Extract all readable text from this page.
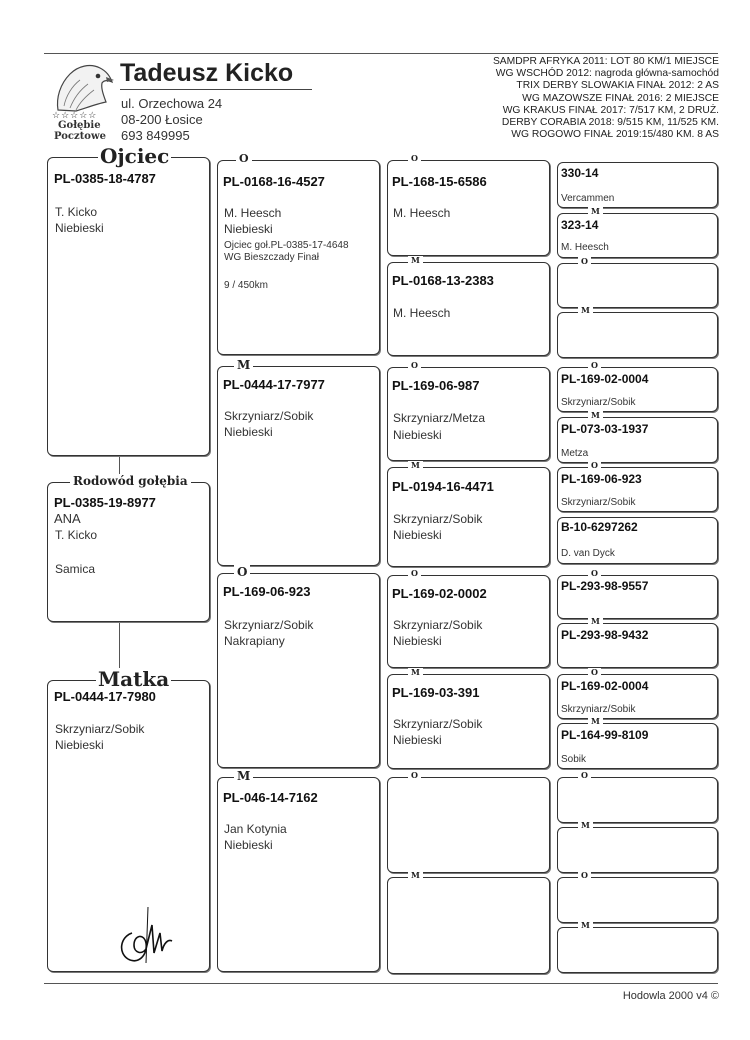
☆☆☆☆☆
Gołębie
Pocztowe
Tadeusz Kicko
ul. Orzechowa 24
08-200 Łosice
693 849995
SAMDPR AFRYKA 2011: LOT 80 KM/1 MIEJSCE
WG WSCHÓD 2012: nagroda główna-samochód
TRIX DERBY SLOWAKIA FINAŁ 2012: 2 AS
WG MAZOWSZE FINAŁ 2016: 2 MIEJSCE
WG KRAKUS FINAŁ 2017: 7/517 KM, 2 DRUŻ.
DERBY CORABIA 2018: 9/515 KM, 11/525 KM.
WG ROGOWO FINAŁ 2019:15/480 KM. 8 AS
Ojciec
PL-0385-18-4787
T. Kicko
Niebieski
Rodowód gołębia
PL-0385-19-8977
ANA
T. Kicko
Samica
Matka
PL-0444-17-7980
Skrzyniarz/Sobik
Niebieski
O
PL-0168-16-4527
M. Heesch
Niebieski
Ojciec goł.PL-0385-17-4648
WG Bieszczady Finał
9 / 450km
M
PL-0444-17-7977
Skrzyniarz/Sobik
Niebieski
O
PL-169-06-923
Skrzyniarz/Sobik
Nakrapiany
M
PL-046-14-7162
Jan Kotynia
Niebieski
O
PL-168-15-6586
M. Heesch
M
PL-0168-13-2383
M. Heesch
O
PL-169-06-987
Skrzyniarz/Metza
Niebieski
M
PL-0194-16-4471
Skrzyniarz/Sobik
Niebieski
O
PL-169-02-0002
Skrzyniarz/Sobik
Niebieski
M
PL-169-03-391
Skrzyniarz/Sobik
Niebieski
O
M
330-14
Vercammen
M
323-14
M. Heesch
O
M
O
PL-169-02-0004
Skrzyniarz/Sobik
M
PL-073-03-1937
Metza
O
PL-169-06-923
Skrzyniarz/Sobik
B-10-6297262
D. van Dyck
O
PL-293-98-9557
M
PL-293-98-9432
O
PL-169-02-0004
Skrzyniarz/Sobik
M
PL-164-99-8109
Sobik
O
M
O
M
Hodowla 2000 v4 ©
